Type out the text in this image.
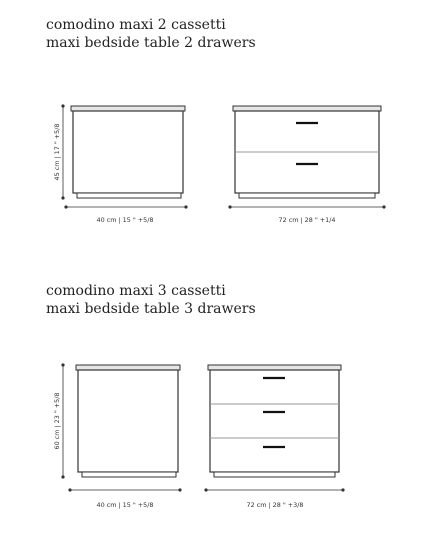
comodino maxi 2 cassetti
maxi bedside table 2 drawers
45 cm | 17 " +5/8
40 cm | 15 " +5/8	72 cm | 28 " +1/4
comodino maxi 3 cassetti
maxi bedside table 3 drawers
60 cm | 23 " +5/8
40 cm | 15 " +5/8	72 cm | 28 " +3/8
